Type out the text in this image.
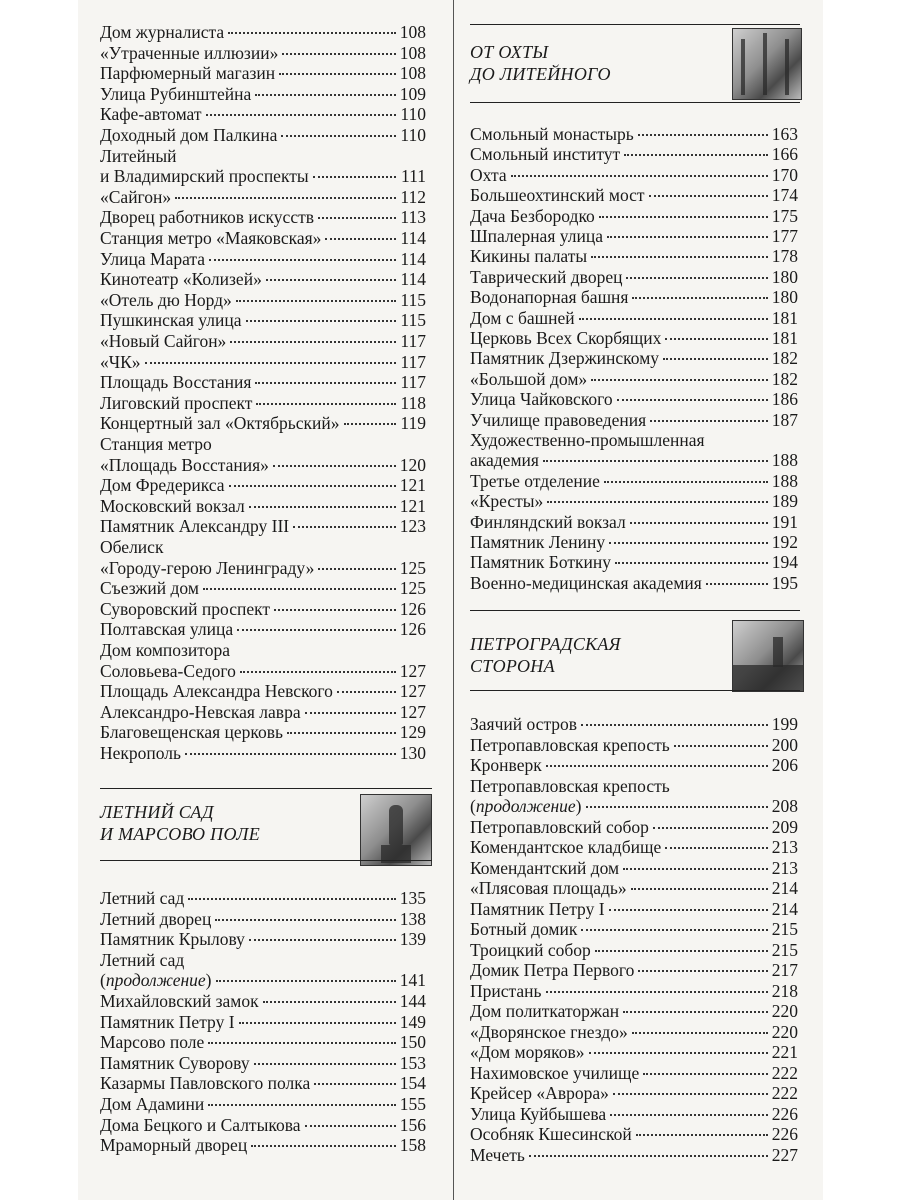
Дом журналиста	108
«Утраченные иллюзии»	108
Парфюмерный магазин	108
Улица Рубинштейна	109
Кафе-автомат	110
Доходный дом Палкина	110
Литейный
и Владимирский проспекты	111
«Сайгон»	112
Дворец работников искусств	113
Станция метро «Маяковская»	114
Улица Марата	114
Кинотеатр «Колизей»	114
«Отель дю Норд»	115
Пушкинская улица	115
«Новый Сайгон»	117
«ЧК»	117
Площадь Восстания	117
Лиговский проспект	118
Концертный зал «Октябрьский»	119
Станция метро
«Площадь Восстания»	120
Дом Фредерикса	121
Московский вокзал	121
Памятник Александру III	123
Обелиск
«Городу-герою Ленинграду»	125
Съезжий дом	125
Суворовский проспект	126
Полтавская улица	126
Дом композитора
Соловьева-Седого	127
Площадь Александра Невского	127
Александро-Невская лавра	127
Благовещенская церковь	129
Некрополь	130
ЛЕТНИЙ САД
И МАРСОВО ПОЛЕ
Летний сад	135
Летний дворец	138
Памятник Крылову	139
Летний сад
(продолжение)	141
Михайловский замок	144
Памятник Петру I	149
Марсово поле	150
Памятник Суворову	153
Казармы Павловского полка	154
Дом Адамини	155
Дома Бецкого и Салтыкова	156
Мраморный дворец	158
ОТ ОХТЫ
ДО ЛИТЕЙНОГО
Смольный монастырь	163
Смольный институт	166
Охта	170
Большеохтинский мост	174
Дача Безбородко	175
Шпалерная улица	177
Кикины палаты	178
Таврический дворец	180
Водонапорная башня	180
Дом с башней	181
Церковь Всех Скорбящих	181
Памятник Дзержинскому	182
«Большой дом»	182
Улица Чайковского	186
Училище правоведения	187
Художественно-промышленная
академия	188
Третье отделение	188
«Кресты»	189
Финляндский вокзал	191
Памятник Ленину	192
Памятник Боткину	194
Военно-медицинская академия	195
ПЕТРОГРАДСКАЯ
СТОРОНА
Заячий остров	199
Петропавловская крепость	200
Кронверк	206
Петропавловская крепость
(продолжение)	208
Петропавловский собор	209
Комендантское кладбище	213
Комендантский дом	213
«Плясовая площадь»	214
Памятник Петру I	214
Ботный домик	215
Троицкий собор	215
Домик Петра Первого	217
Пристань	218
Дом политкаторжан	220
«Дворянское гнездо»	220
«Дом моряков»	221
Нахимовское училище	222
Крейсер «Аврора»	222
Улица Куйбышева	226
Особняк Кшесинской	226
Мечеть	227
